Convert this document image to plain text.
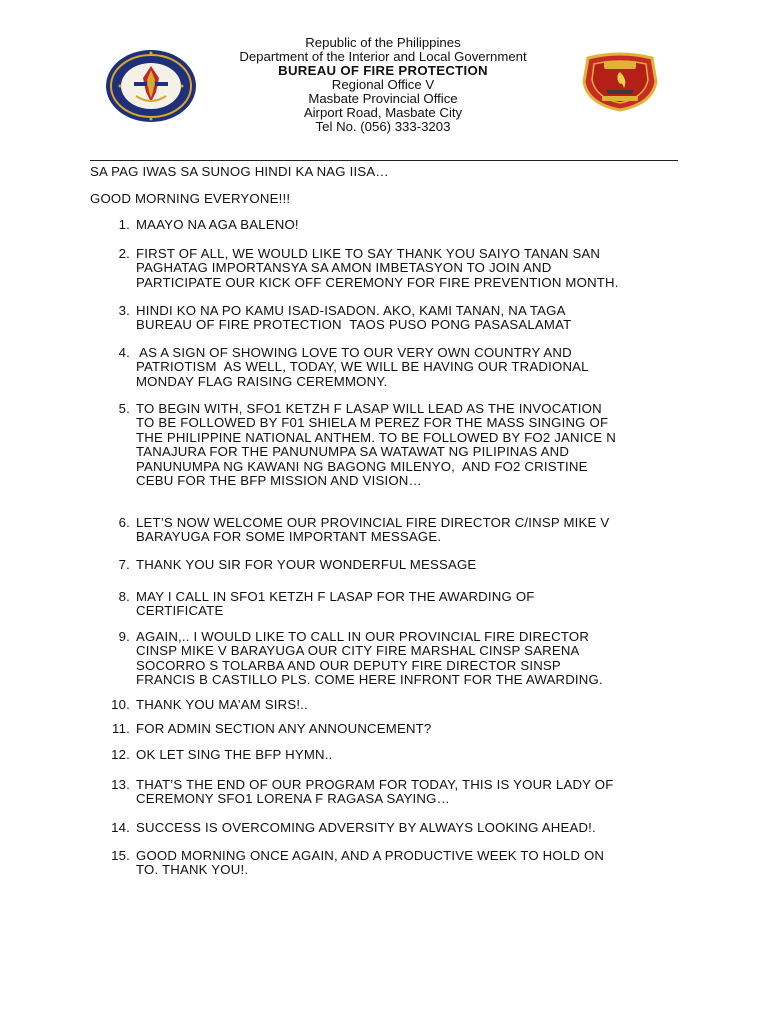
Republic of the Philippines
Department of the Interior and Local Government
BUREAU OF FIRE PROTECTION
Regional Office V
Masbate Provincial Office
Airport Road, Masbate City
Tel No. (056) 333-3203
SA PAG IWAS SA SUNOG HINDI KA NAG IISA…
GOOD MORNING EVERYONE!!!
1. MAAYO NA AGA BALENO!
2. FIRST OF ALL, WE WOULD LIKE TO SAY THANK YOU SAIYO TANAN SAN
PAGHATAG IMPORTANSYA SA AMON IMBETASYON TO JOIN AND
PARTICIPATE OUR KICK OFF CEREMONY FOR FIRE PREVENTION MONTH.
3. HINDI KO NA PO KAMU ISAD-ISADON. AKO, KAMI TANAN, NA TAGA
BUREAU OF FIRE PROTECTION  TAOS PUSO PONG PASASALAMAT
4. AS A SIGN OF SHOWING LOVE TO OUR VERY OWN COUNTRY AND
PATRIOTISM  AS WELL, TODAY, WE WILL BE HAVING OUR TRADIONAL
MONDAY FLAG RAISING CEREMMONY.
5. TO BEGIN WITH, SFO1 KETZH F LASAP WILL LEAD AS THE INVOCATION
TO BE FOLLOWED BY F01 SHIELA M PEREZ FOR THE MASS SINGING OF
THE PHILIPPINE NATIONAL ANTHEM. TO BE FOLLOWED BY FO2 JANICE N
TANAJURA FOR THE PANUNUMPA SA WATAWAT NG PILIPINAS AND
PANUNUMPA NG KAWANI NG BAGONG MILENYO,  AND FO2 CRISTINE
CEBU FOR THE BFP MISSION AND VISION…
6. LET’S NOW WELCOME OUR PROVINCIAL FIRE DIRECTOR C/INSP MIKE V
BARAYUGA FOR SOME IMPORTANT MESSAGE.
7. THANK YOU SIR FOR YOUR WONDERFUL MESSAGE
8. MAY I CALL IN SFO1 KETZH F LASAP FOR THE AWARDING OF
CERTIFICATE
9. AGAIN,.. I WOULD LIKE TO CALL IN OUR PROVINCIAL FIRE DIRECTOR
CINSP MIKE V BARAYUGA OUR CITY FIRE MARSHAL CINSP SARENA
SOCORRO S TOLARBA AND OUR DEPUTY FIRE DIRECTOR SINSP
FRANCIS B CASTILLO PLS. COME HERE INFRONT FOR THE AWARDING.
10. THANK YOU MA’AM SIRS!..
11. FOR ADMIN SECTION ANY ANNOUNCEMENT?
12. OK LET SING THE BFP HYMN..
13. THAT’S THE END OF OUR PROGRAM FOR TODAY, THIS IS YOUR LADY OF
CEREMONY SFO1 LORENA F RAGASA SAYING…
14. SUCCESS IS OVERCOMING ADVERSITY BY ALWAYS LOOKING AHEAD!.
15. GOOD MORNING ONCE AGAIN, AND A PRODUCTIVE WEEK TO HOLD ON
TO. THANK YOU!.
